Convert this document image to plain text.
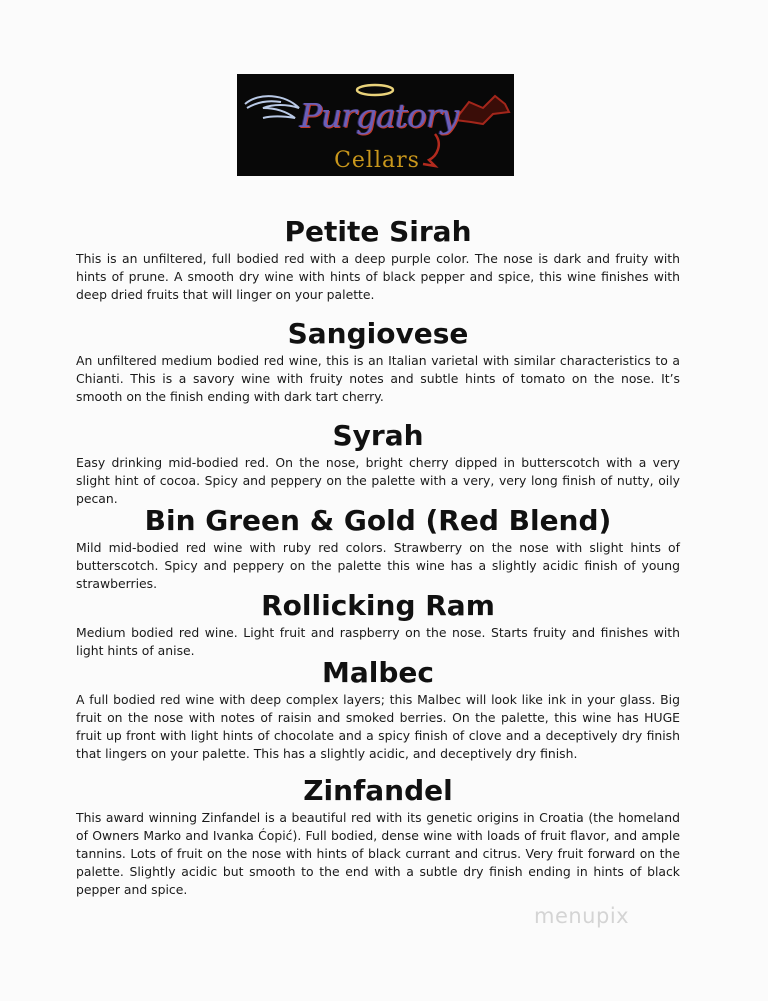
Purgatory
Cellars
Petite Sirah

This is an unfiltered, full bodied red with a deep purple color. The nose is dark and fruity with hints of prune. A smooth dry wine with hints of black pepper and spice, this wine finishes with deep dried fruits that will linger on your palette.

Sangiovese

An unfiltered medium bodied red wine, this is an Italian varietal with similar characteristics to a Chianti. This is a savory wine with fruity notes and subtle hints of tomato on the nose. It’s smooth on the finish ending with dark tart cherry.

Syrah

Easy drinking mid-bodied red. On the nose, bright cherry dipped in butterscotch with a very slight hint of cocoa. Spicy and peppery on the palette with a very, very long finish of nutty, oily pecan.

Bin Green & Gold (Red Blend)

Mild mid-bodied red wine with ruby red colors. Strawberry on the nose with slight hints of butterscotch. Spicy and peppery on the palette this wine has a slightly acidic finish of young strawberries.

Rollicking Ram

Medium bodied red wine. Light fruit and raspberry on the nose. Starts fruity and finishes with light hints of anise.

Malbec

A full bodied red wine with deep complex layers; this Malbec will look like ink in your glass. Big fruit on the nose with notes of raisin and smoked berries. On the palette, this wine has HUGE fruit up front with light hints of chocolate and a spicy finish of clove and a deceptively dry finish that lingers on your palette. This has a slightly acidic, and deceptively dry finish.

Zinfandel

This award winning Zinfandel is a beautiful red with its genetic origins in Croatia (the homeland of Owners Marko and Ivanka Ćopić). Full bodied, dense wine with loads of fruit flavor, and ample tannins. Lots of fruit on the nose with hints of black currant and citrus. Very fruit forward on the palette. Slightly acidic but smooth to the end with a subtle dry finish ending in hints of black pepper and spice.

menupix
